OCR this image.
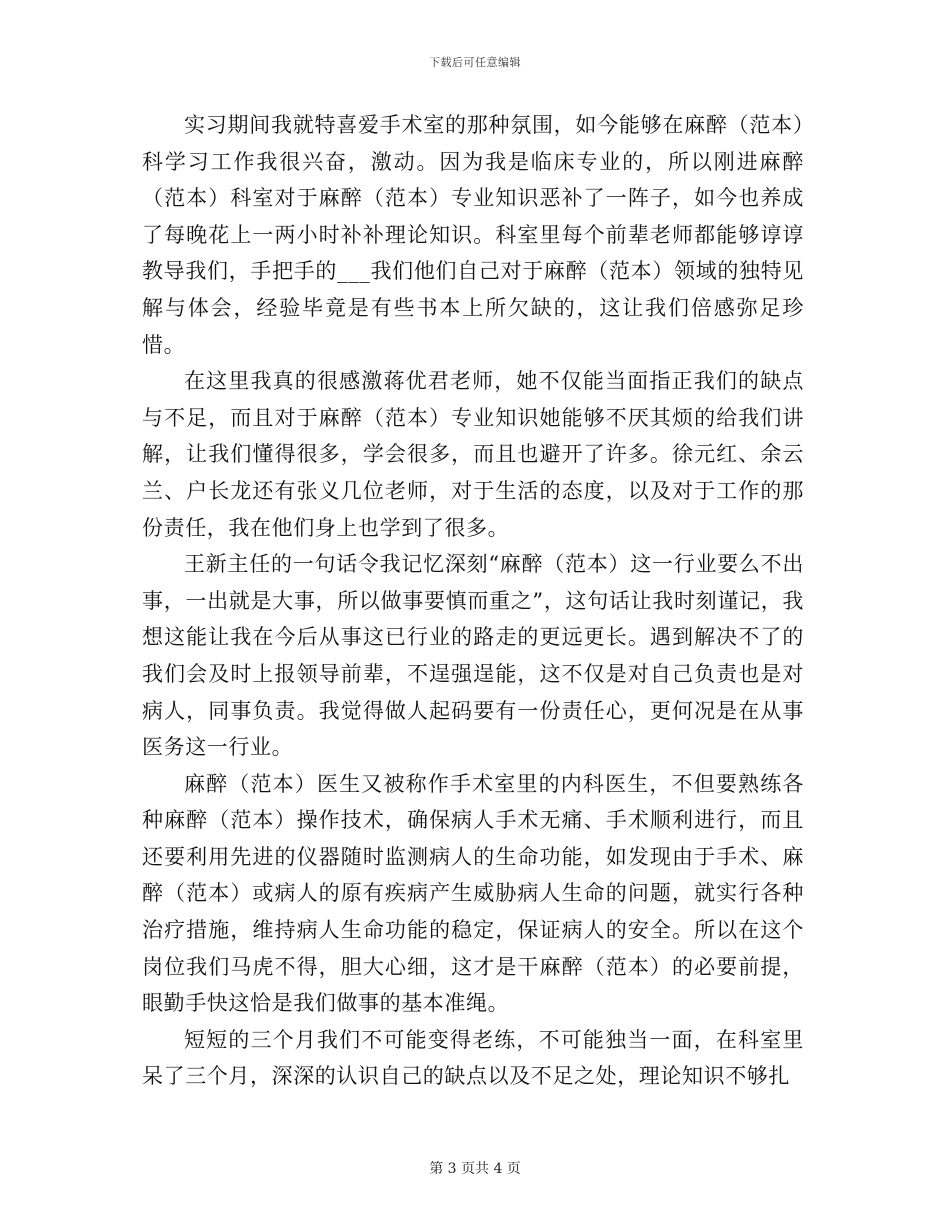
下载后可任意编辑

实习期间我就特喜爱手术室的那种氛围，如今能够在麻醉（范本）科学习工作我很兴奋，激动。因为我是临床专业的，所以刚进麻醉（范本）科室对于麻醉（范本）专业知识恶补了一阵子，如今也养成了每晚花上一两小时补补理论知识。科室里每个前辈老师都能够谆谆教导我们，手把手的___我们他们自己对于麻醉（范本）领域的独特见解与体会，经验毕竟是有些书本上所欠缺的，这让我们倍感弥足珍惜。

在这里我真的很感激蒋优君老师，她不仅能当面指正我们的缺点与不足，而且对于麻醉（范本）专业知识她能够不厌其烦的给我们讲解，让我们懂得很多，学会很多，而且也避开了许多。徐元红、余云兰、户长龙还有张义几位老师，对于生活的态度，以及对于工作的那份责任，我在他们身上也学到了很多。

王新主任的一句话令我记忆深刻“麻醉（范本）这一行业要么不出事，一出就是大事，所以做事要慎而重之”，这句话让我时刻谨记，我想这能让我在今后从事这已行业的路走的更远更长。遇到解决不了的我们会及时上报领导前辈，不逞强逞能，这不仅是对自己负责也是对病人，同事负责。我觉得做人起码要有一份责任心，更何况是在从事医务这一行业。

麻醉（范本）医生又被称作手术室里的内科医生，不但要熟练各种麻醉（范本）操作技术，确保病人手术无痛、手术顺利进行，而且还要利用先进的仪器随时监测病人的生命功能，如发现由于手术、麻醉（范本）或病人的原有疾病产生威胁病人生命的问题，就实行各种治疗措施，维持病人生命功能的稳定，保证病人的安全。所以在这个岗位我们马虎不得，胆大心细，这才是干麻醉（范本）的必要前提，眼勤手快这恰是我们做事的基本准绳。

短短的三个月我们不可能变得老练，不可能独当一面，在科室里呆了三个月，深深的认识自己的缺点以及不足之处，理论知识不够扎

第 3 页共 4 页
